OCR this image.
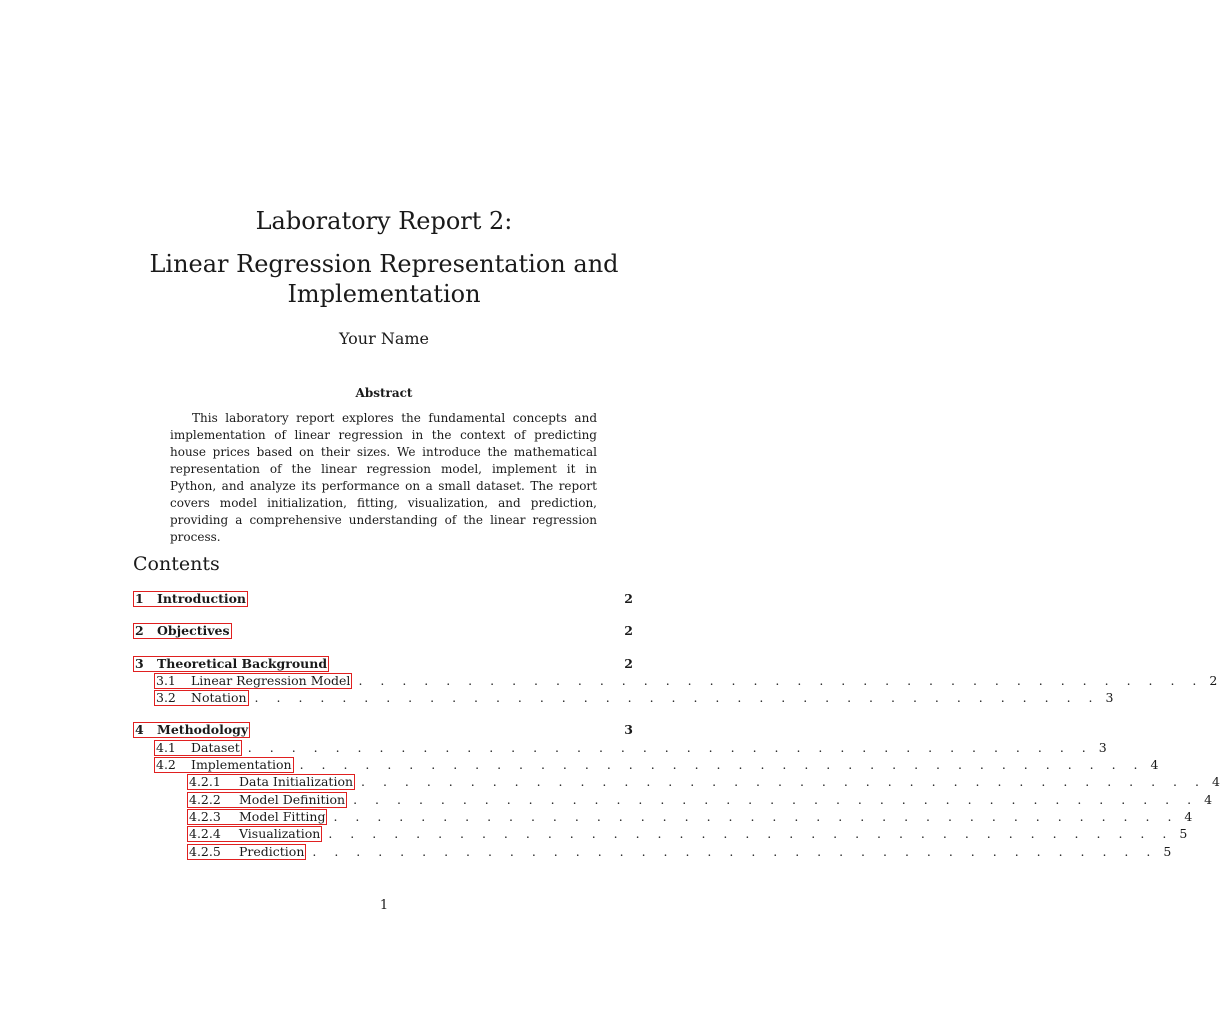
Laboratory Report 2:
Linear Regression Representation and Implementation
Your Name
Abstract
This laboratory report explores the fundamental concepts and implementation of linear regression in the context of predicting house prices based on their sizes. We introduce the mathematical representation of the linear regression model, implement it in Python, and analyze its performance on a small dataset. The report covers model initialization, fitting, visualization, and prediction, providing a comprehensive understanding of the linear regression process.
Contents
1	Introduction	2
2	Objectives	2
3	Theoretical Background	2
3.1	Linear Regression Model . . . . . . . . . . . . . . . . . . . . . . . . . . . . . . . . . . . . . . . 2
3.2	Notation . . . . . . . . . . . . . . . . . . . . . . . . . . . . . . . . . . . . . . . 3
4	Methodology	3
4.1	Dataset . . . . . . . . . . . . . . . . . . . . . . . . . . . . . . . . . . . . . . . 3
4.2	Implementation . . . . . . . . . . . . . . . . . . . . . . . . . . . . . . . . . . . . . . . 4
4.2.1	Data Initialization . . . . . . . . . . . . . . . . . . . . . . . . . . . . . . . . . . . . . . . 4
4.2.2	Model Definition . . . . . . . . . . . . . . . . . . . . . . . . . . . . . . . . . . . . . . . 4
4.2.3	Model Fitting . . . . . . . . . . . . . . . . . . . . . . . . . . . . . . . . . . . . . . . 4
4.2.4	Visualization . . . . . . . . . . . . . . . . . . . . . . . . . . . . . . . . . . . . . . . 5
4.2.5	Prediction . . . . . . . . . . . . . . . . . . . . . . . . . . . . . . . . . . . . . . . 5
1
